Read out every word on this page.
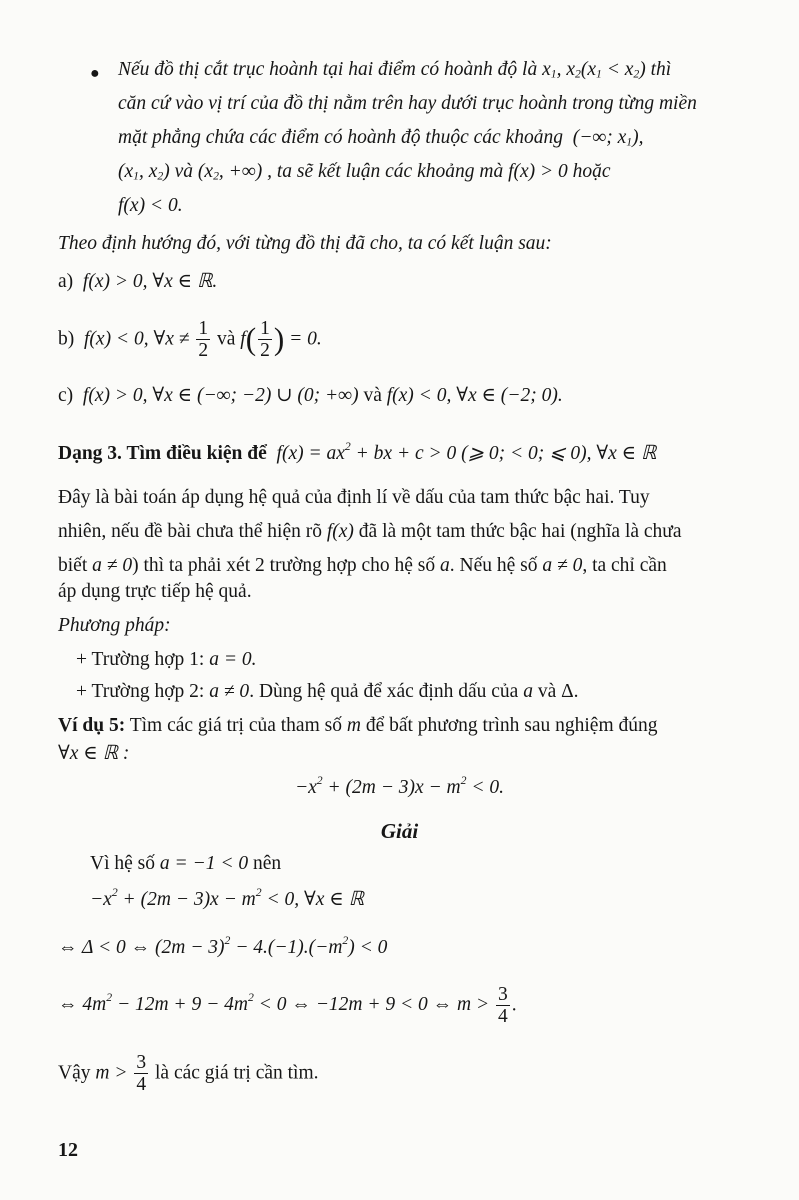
● Nếu đồ thị cắt trục hoành tại hai điểm có hoành độ là $x_1$, $x_2(x_1 < x_2)$ thì
căn cứ vào vị trí của đồ thị nằm trên hay dưới trục hoành trong từng miền
mặt phẳng chứa các điểm có hoành độ thuộc các khoảng  (−∞; $x_1$),
($x_1$, $x_2$) và ($x_2$, +∞) , ta sẽ kết luận các khoảng mà f(x) > 0 hoặc
f(x) < 0.
Theo định hướng đó, với từng đồ thị đã cho, ta có kết luận sau:
a)  f(x) > 0, ∀x ∈ ℝ.
b)  f(x) < 0, ∀x ≠ $\frac{1}{2}$ và $f( \frac{1}{2}$ ) = 0.
c)  f(x) > 0, ∀x ∈ (−∞; −2) ∪ (0; +∞) và f(x) < 0, ∀x ∈ (−2; 0).
Dạng 3. Tìm điều kiện để  $f(x) = ax^2$ + bx + c > 0 (⩾ 0; < 0; ⩽ 0), ∀x ∈ ℝ
Đây là bài toán áp dụng hệ quả của định lí về dấu của tam thức bậc hai. Tuy
nhiên, nếu đề bài chưa thể hiện rõ f(x) đã là một tam thức bậc hai (nghĩa là chưa
biết a ≠ 0) thì ta phải xét 2 trường hợp cho hệ số a. Nếu hệ số a ≠ 0, ta chỉ cần
áp dụng trực tiếp hệ quả.
Phương pháp:
+ Trường hợp 1: a = 0.
+ Trường hợp 2: a ≠ 0. Dùng hệ quả để xác định dấu của a và Δ.
Ví dụ 5: Tìm các giá trị của tham số m để bất phương trình sau nghiệm đúng
∀x ∈ ℝ :
$-x^2 + (2m - 3)x - m^2 < 0$.
Giải
Vì hệ số a = −1 < 0 nên
$-x^2 + (2m - 3)x - m^2 < 0$, ∀x ∈ ℝ
⇔ Δ < 0 ⇔ $(2m - 3)^2 - 4.(-1).(-m^2) < 0$
⇔ $4m^2 - 12m + 9 - 4m^2 < 0$ ⇔ −12m + 9 < 0 ⇔ $m > \frac{3}{4}$ .
Vậy $m > \frac{3}{4}$ là các giá trị cần tìm.
12
